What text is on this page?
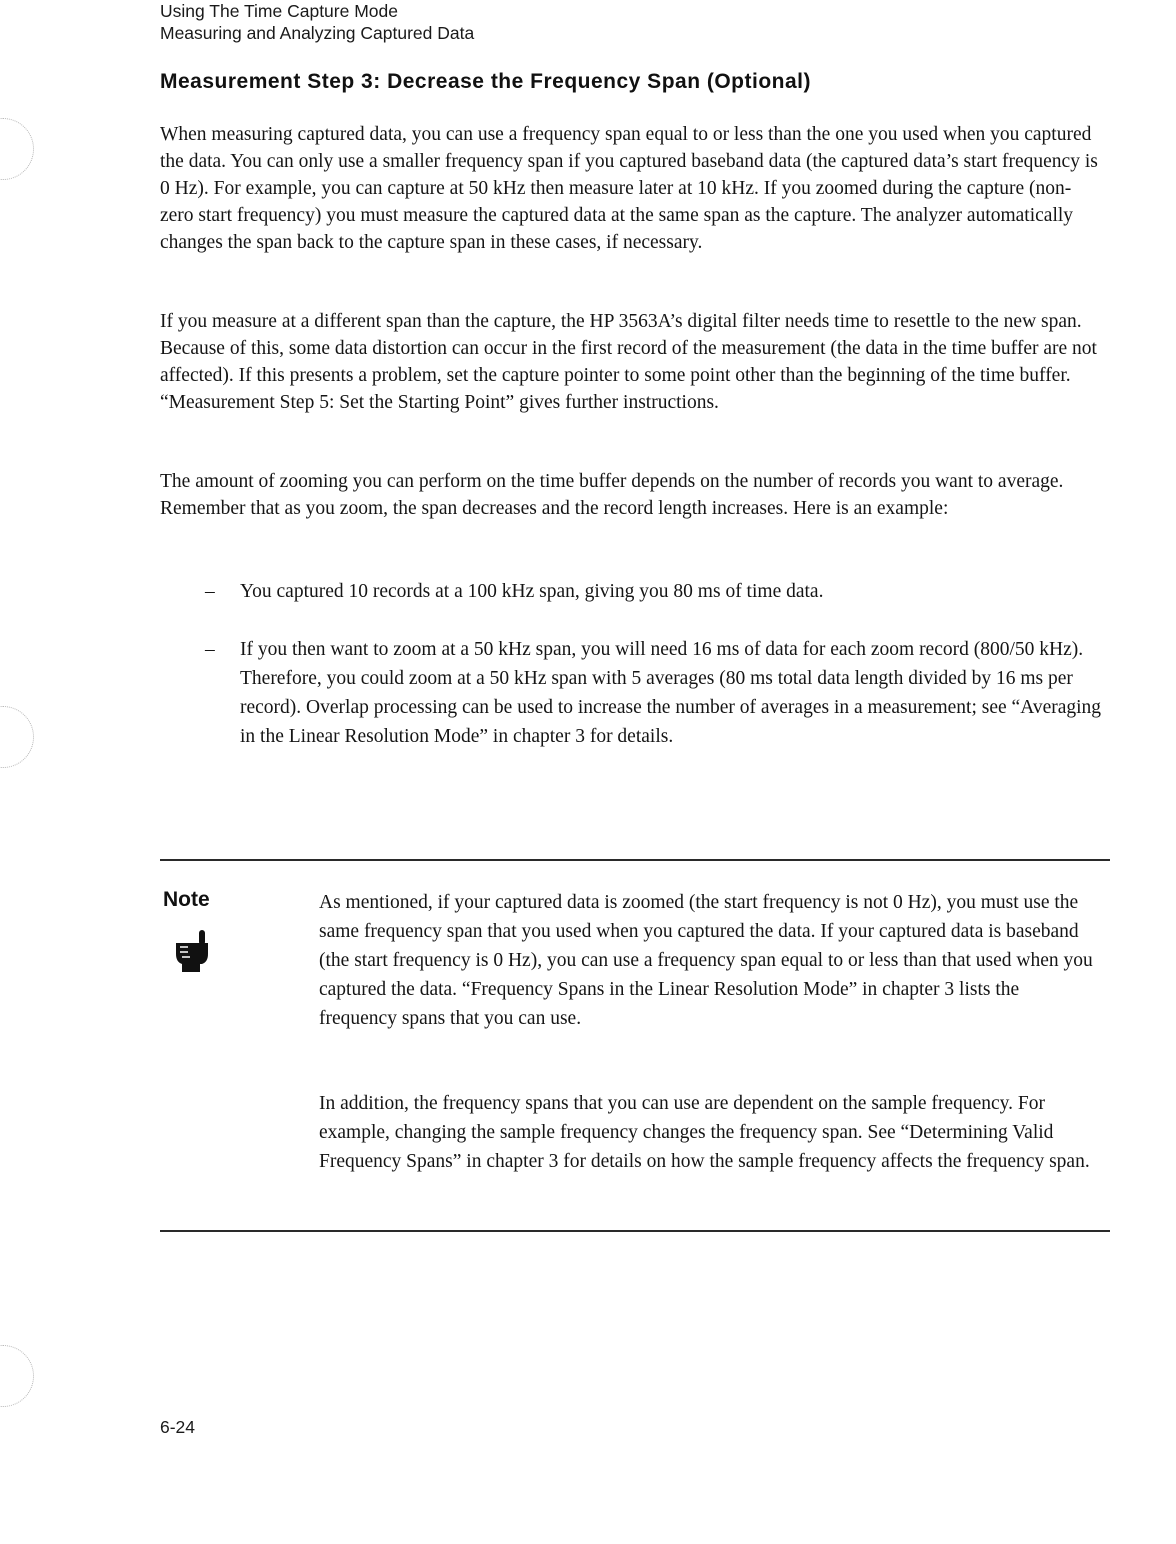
Using The Time Capture Mode
Measuring and Analyzing Captured Data
Measurement Step 3: Decrease the Frequency Span (Optional)

When measuring captured data, you can use a frequency span equal to or less than the one you used when you captured the data. You can only use a smaller frequency span if you captured baseband data (the captured data’s start frequency is 0 Hz). For example, you can capture at 50 kHz then measure later at 10 kHz. If you zoomed during the capture (non-zero start frequency) you must measure the captured data at the same span as the capture. The analyzer automatically changes the span back to the capture span in these cases, if necessary.

If you measure at a different span than the capture, the HP 3563A’s digital filter needs time to resettle to the new span. Because of this, some data distortion can occur in the first record of the measurement (the data in the time buffer are not affected). If this presents a problem, set the capture pointer to some point other than the beginning of the time buffer. “Measurement Step 5: Set the Starting Point” gives further instructions.

The amount of zooming you can perform on the time buffer depends on the number of records you want to average. Remember that as you zoom, the span decreases and the record length increases. Here is an example:

– You captured 10 records at a 100 kHz span, giving you 80 ms of time data.
– If you then want to zoom at a 50 kHz span, you will need 16 ms of data for each zoom record (800/50 kHz). Therefore, you could zoom at a 50 kHz span with 5 averages (80 ms total data length divided by 16 ms per record). Overlap processing can be used to increase the number of averages in a measurement; see “Averaging in the Linear Resolution Mode” in chapter 3 for details.
Note	As mentioned, if your captured data is zoomed (the start frequency is not 0 Hz), you must use the same frequency span that you used when you captured the data. If your captured data is baseband (the start frequency is 0 Hz), you can use a frequency span equal to or less than that used when you captured the data. “Frequency Spans in the Linear Resolution Mode” in chapter 3 lists the frequency spans that you can use.

In addition, the frequency spans that you can use are dependent on the sample frequency. For example, changing the sample frequency changes the frequency span. See “Determining Valid Frequency Spans” in chapter 3 for details on how the sample frequency affects the frequency span.

6-24
